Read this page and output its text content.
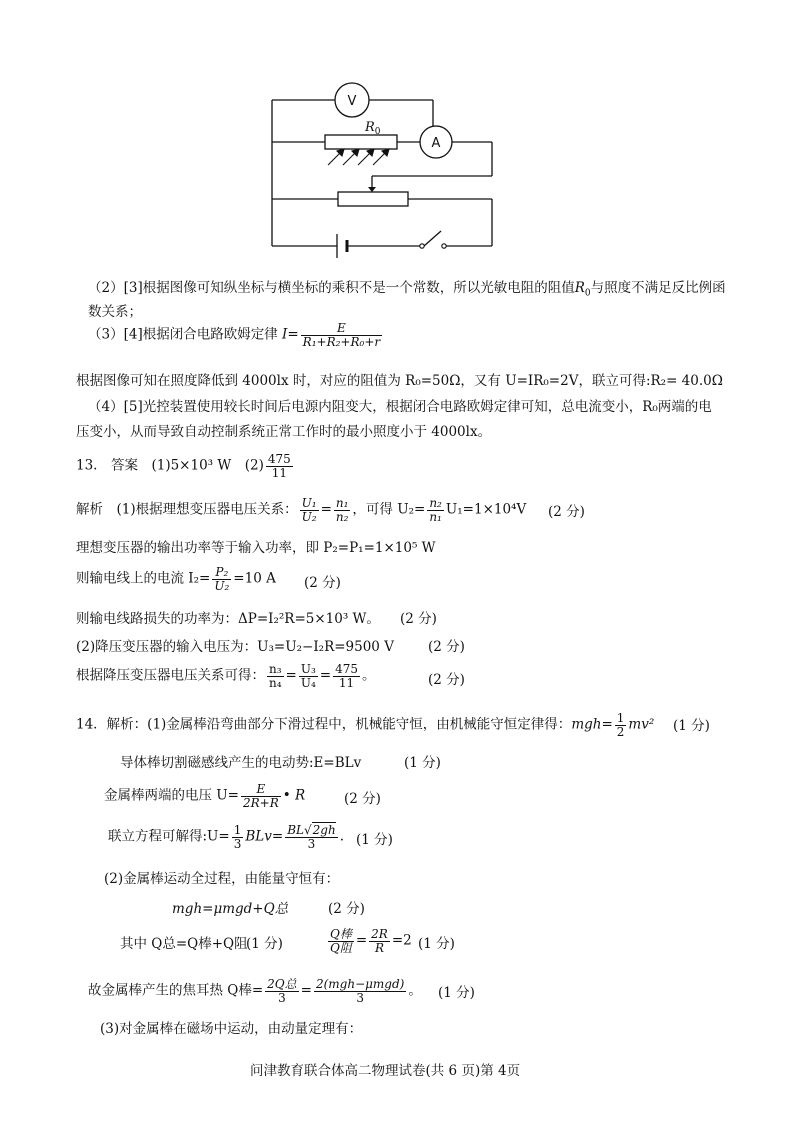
V
A
$R_0$
（2）[3]根据图像可知纵坐标与横坐标的乘积不是一个常数，所以光敏电阻的阻值$R_0$与照度不满足反比例函数关系；
（3）[4]根据闭合电路欧姆定律 $I= \frac{E}{\text{R₁+R₂+R₀+r}}$
根据图像可知在照度降低到 4000lx 时，对应的阻值为 R₀=50Ω，又有 U=IR₀=2V，联立可得:R₂= 40.0Ω
（4）[5]光控装置使用较长时间后电源内阻变大，根据闭合电路欧姆定律可知，总电流变小，R₀两端的电
压变小，从而导致自动控制系统正常工作时的最小照度小于 4000lx。
13.　答案　(1)5×10³ W　$(2) \frac{475}{11}$
解析　(1)根据理想变压器电压关系： $\frac{\text{U₁}}{\text{U₂}} = \frac{\text{n₁}}{\text{n₂}}$ ，可得 $U_2= \frac{\text{n₂}}{\text{n₁}} U_1=1\times 10^4V$ (2 分)
理想变压器的输出功率等于输入功率，即 P₂=P₁=1×10⁵ W
则输电线上的电流 $I_2= \frac{\text{P₂}}{\text{U₂}} =10$ A (2 分)
则输电线路损失的功率为：ΔP=I₂²R=5×10³ W。 (2 分)
(2)降压变压器的输入电压为：U₃=U₂−I₂R=9500 V	(2 分)
根据降压变压器电压关系可得： $\frac{\text{n₃}}{\text{n₄}} = \frac{\text{U₃}}{\text{U₄}} = \frac{475}{11}$ 。	(2 分)
14．解析：(1)金属棒沿弯曲部分下滑过程中，机械能守恒，由机械能守恒定律得：$mgh= \frac{1}{2} mv^2$ (1 分)
导体棒切割磁感线产生的电动势:E=BLv	(1 分)
金属棒两端的电压 $U= \frac{E}{2R+R}$ • R	(2 分)
联立方程可解得:U= $\frac{1}{3} BLv= \frac{BL√2gh}{3}$ . (1 分)
(2)金属棒运动全过程，由能量守恒有：
mgh=μmgd+Q总	(2 分)
其中 Q总=Q棒+Q阻
(1 分)	$\frac{\text{Q棒}}{\text{Q阻}} = \frac{2R}{R} =2$ (1 分)
故金属棒产生的焦耳热 Q棒= $\frac{\text{2Q总}}{3} = \frac{\text{2(mgh−μmgd)}}{3}$ 。 (1 分)
(3)对金属棒在磁场中运动，由动量定理有：
问津教育联合体高二物理试卷(共 6 页)第 4页
